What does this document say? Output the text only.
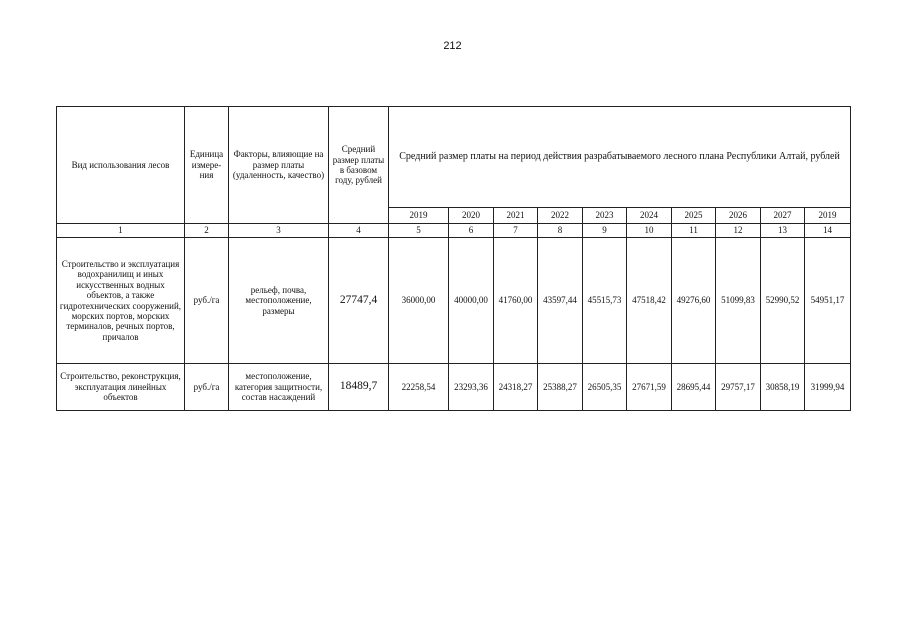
212
Вид использования лесов	Единица измере-ния	Факторы, влияющие на размер платы (удаленность, качество)	Средний размер платы в базовом году, рублей	Средний размер платы на период действия разрабатываемого лесного плана Республики Алтай, рублей									
				2019	2020	2021	2022	2023	2024	2025	2026	2027	2019
1	2	3	4	5	6	7	8	9	10	11	12	13	14
Строительство и эксплуатация водохранилищ и иных искусственных водных объектов, а также гидротехнических сооружений, морских портов, морских терминалов, речных портов, причалов	руб./га	рельеф, почва, местоположение, размеры	27747,4	36000,00	40000,00	41760,00	43597,44	45515,73	47518,42	49276,60	51099,83	52990,52	54951,17
Строительство, реконструкция, эксплуатация линейных объектов	руб./га	местоположение, категория защитности, состав насаждений	18489,7	22258,54	23293,36	24318,27	25388,27	26505,35	27671,59	28695,44	29757,17	30858,19	31999,94
